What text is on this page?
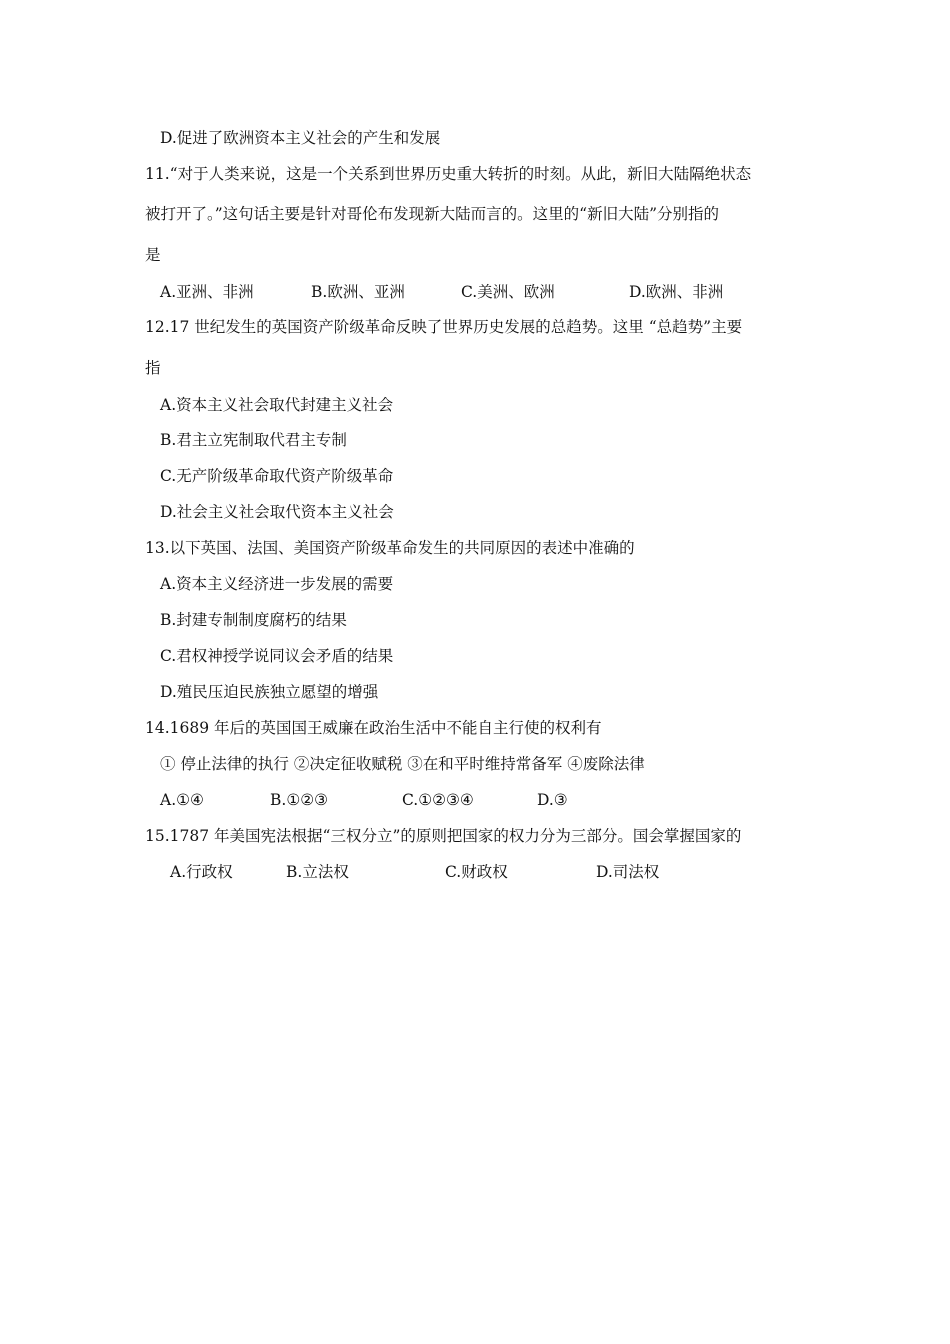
D.促进了欧洲资本主义社会的产生和发展
11.“对于人类来说，这是一个关系到世界历史重大转折的时刻。从此，新旧大陆隔绝状态
被打开了。”这句话主要是针对哥伦布发现新大陆而言的。这里的“新旧大陆”分别指的
是
A.亚洲、非洲	B.欧洲、亚洲	C.美洲、欧洲	D.欧洲、非洲
12.17 世纪发生的英国资产阶级革命反映了世界历史发展的总趋势。这里 “总趋势”主要
指
A.资本主义社会取代封建主义社会
B.君主立宪制取代君主专制
C.无产阶级革命取代资产阶级革命
D.社会主义社会取代资本主义社会
13.以下英国、法国、美国资产阶级革命发生的共同原因的表述中准确的
A.资本主义经济进一步发展的需要
B.封建专制制度腐朽的结果
C.君权神授学说同议会矛盾的结果
D.殖民压迫民族独立愿望的增强
14.1689 年后的英国国王威廉在政治生活中不能自主行使的权利有
① 停止法律的执行 ②决定征收赋税 ③在和平时维持常备军 ④废除法律
A.①④	B.①②③	C.①②③④	D.③
15.1787 年美国宪法根据“三权分立”的原则把国家的权力分为三部分。国会掌握国家的
A.行政权	B.立法权	C.财政权	D.司法权
